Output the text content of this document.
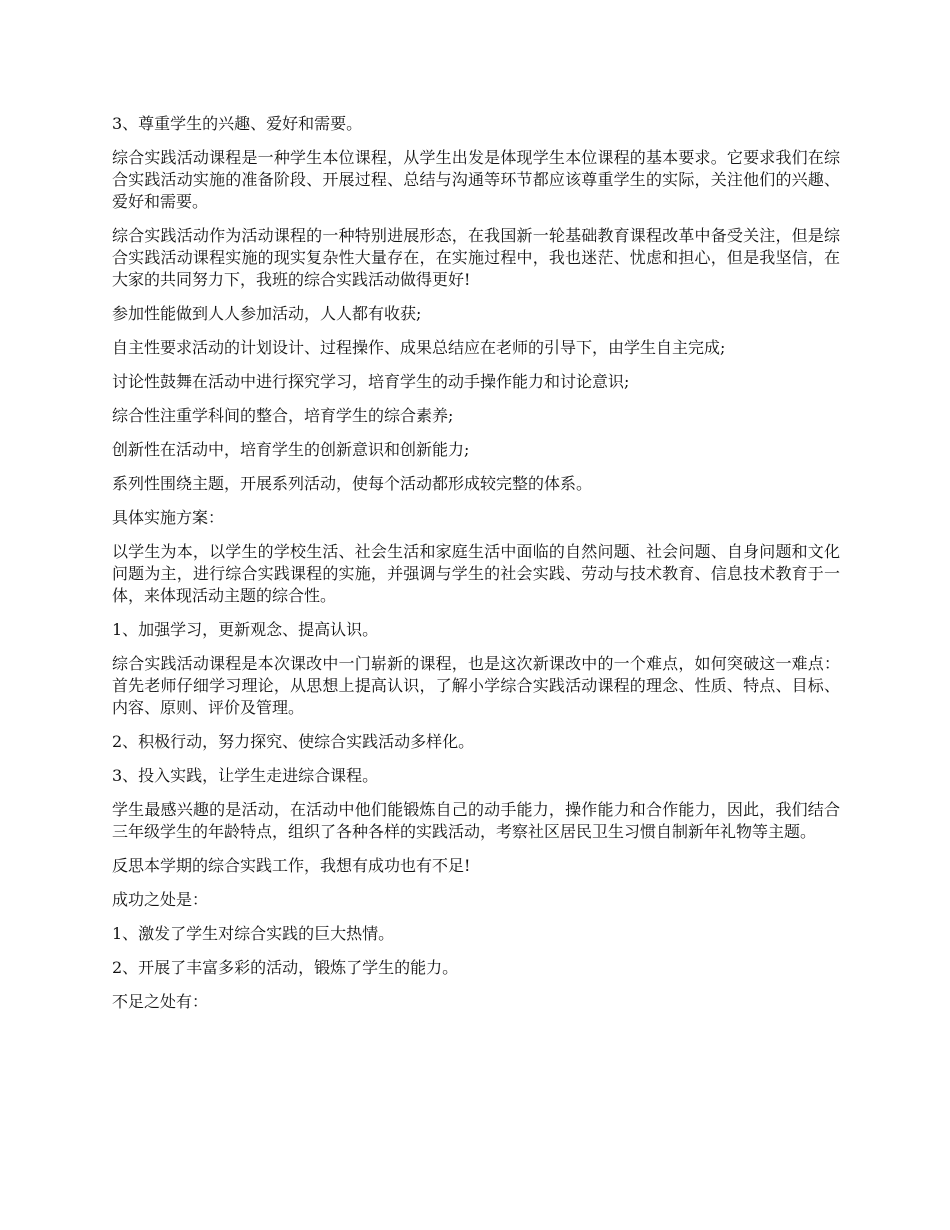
3、尊重学生的兴趣、爱好和需要。

综合实践活动课程是一种学生本位课程，从学生出发是体现学生本位课程的基本要求。它要求我们在综合实践活动实施的准备阶段、开展过程、总结与沟通等环节都应该尊重学生的实际，关注他们的兴趣、爱好和需要。

综合实践活动作为活动课程的一种特别进展形态，在我国新一轮基础教育课程改革中备受关注，但是综合实践活动课程实施的现实复杂性大量存在，在实施过程中，我也迷茫、忧虑和担心，但是我坚信，在大家的共同努力下，我班的综合实践活动做得更好!

参加性能做到人人参加活动，人人都有收获;

自主性要求活动的计划设计、过程操作、成果总结应在老师的引导下，由学生自主完成;

讨论性鼓舞在活动中进行探究学习，培育学生的动手操作能力和讨论意识;

综合性注重学科间的整合，培育学生的综合素养;

创新性在活动中，培育学生的创新意识和创新能力;

系列性围绕主题，开展系列活动，使每个活动都形成较完整的体系。

具体实施方案：

以学生为本，以学生的学校生活、社会生活和家庭生活中面临的自然问题、社会问题、自身问题和文化问题为主，进行综合实践课程的实施，并强调与学生的社会实践、劳动与技术教育、信息技术教育于一体，来体现活动主题的综合性。

1、加强学习，更新观念、提高认识。

综合实践活动课程是本次课改中一门崭新的课程，也是这次新课改中的一个难点，如何突破这一难点：首先老师仔细学习理论，从思想上提高认识，了解小学综合实践活动课程的理念、性质、特点、目标、内容、原则、评价及管理。

2、积极行动，努力探究、使综合实践活动多样化。

3、投入实践，让学生走进综合课程。

学生最感兴趣的是活动，在活动中他们能锻炼自己的动手能力，操作能力和合作能力，因此，我们结合三年级学生的年龄特点，组织了各种各样的实践活动，考察社区居民卫生习惯自制新年礼物等主题。

反思本学期的综合实践工作，我想有成功也有不足!

成功之处是：

1、激发了学生对综合实践的巨大热情。

2、开展了丰富多彩的活动，锻炼了学生的能力。

不足之处有：
